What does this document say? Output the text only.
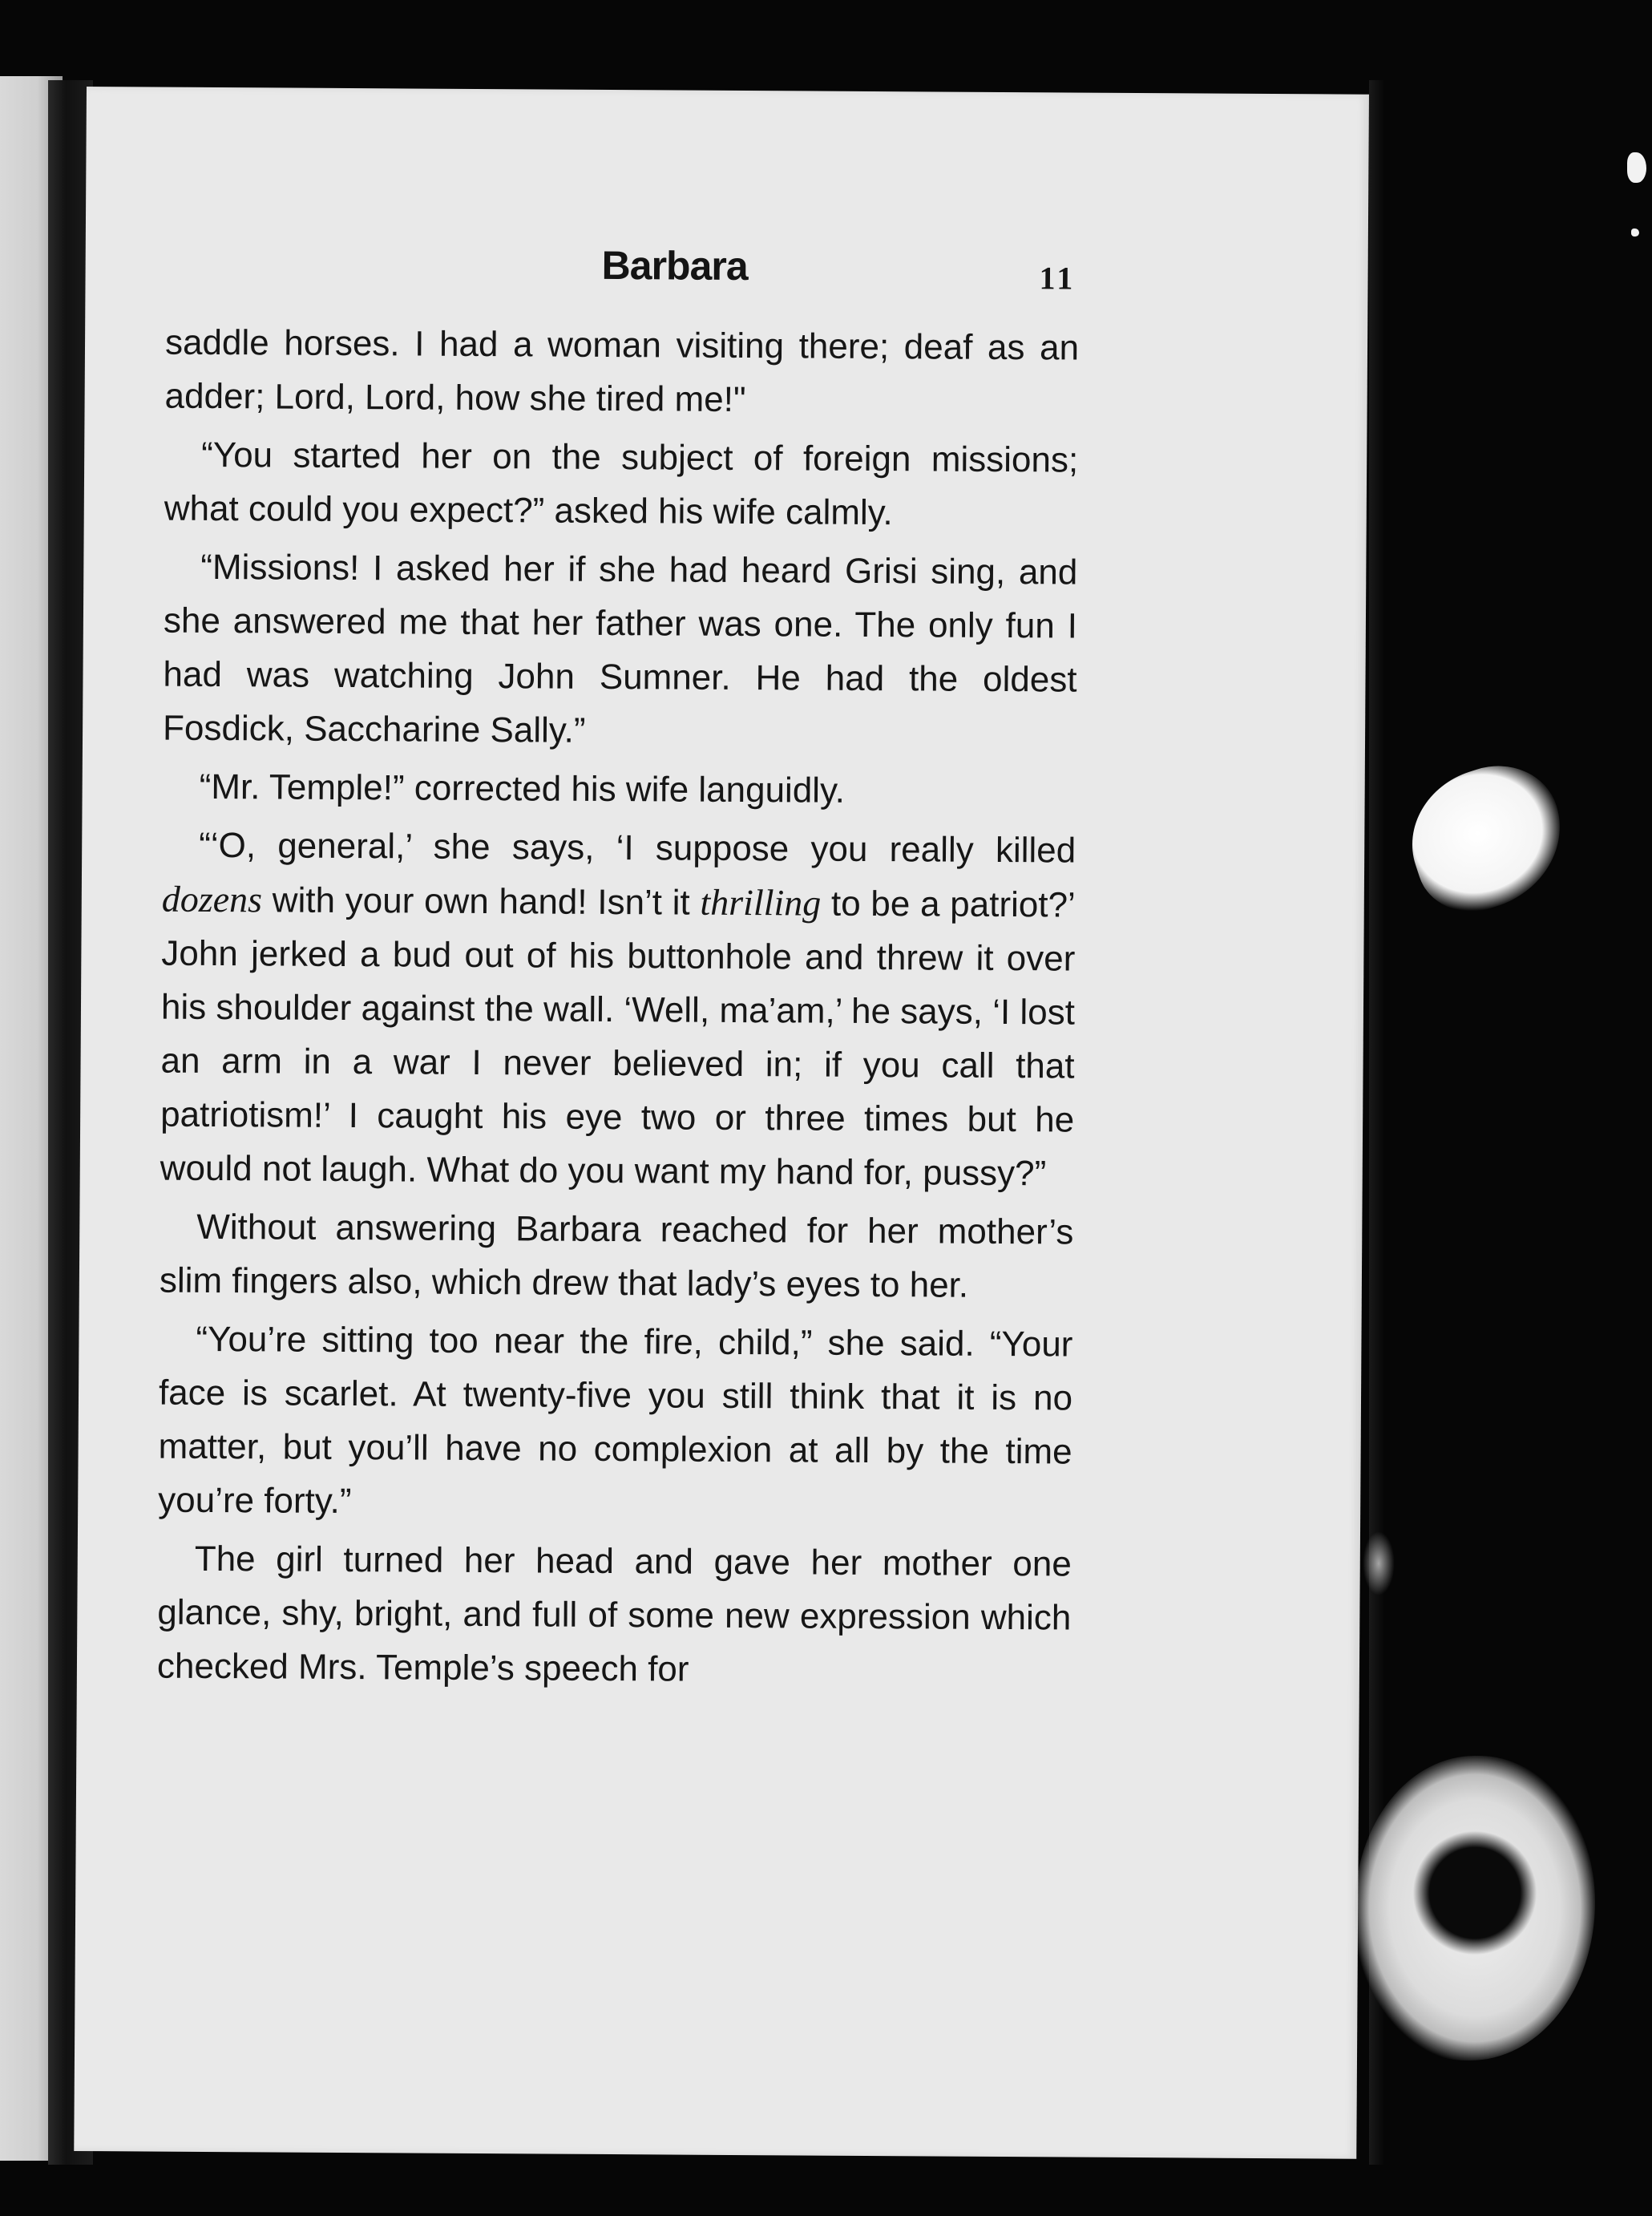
Barbara	11

saddle horses. I had a woman visiting there; deaf as an adder; Lord, Lord, how she tired me!"

“You started her on the subject of foreign missions; what could you expect?” asked his wife calmly.

“Missions! I asked her if she had heard Grisi sing, and she answered me that her father was one. The only fun I had was watching John Sumner. He had the oldest Fosdick, Saccharine Sally.”

“Mr. Temple!” corrected his wife languidly.

“‘O, general,’ she says, ‘I suppose you really killed dozens with your own hand! Isn’t it thrilling to be a patriot?’ John jerked a bud out of his buttonhole and threw it over his shoulder against the wall. ‘Well, ma’am,’ he says, ‘I lost an arm in a war I never believed in; if you call that patriotism!’ I caught his eye two or three times but he would not laugh. What do you want my hand for, pussy?”

Without answering Barbara reached for her mother’s slim fingers also, which drew that lady’s eyes to her.

“You’re sitting too near the fire, child,” she said. “Your face is scarlet. At twenty-five you still think that it is no matter, but you’ll have no complexion at all by the time you’re forty.”

The girl turned her head and gave her mother one glance, shy, bright, and full of some new expression which checked Mrs. Temple’s speech for
